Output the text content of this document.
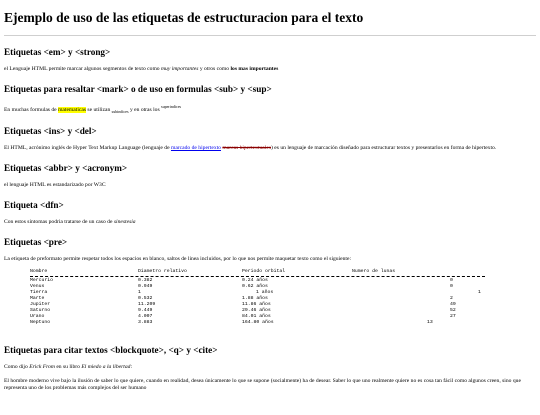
Ejemplo de uso de las etiquetas de estructuracion para el texto
Etiquetas <em> y <strong>

el Lenguaje HTML permite marcar algunos segmentos de texto como muy importantes y otros como los mas importantes

Etiquetas para resaltar <mark> o de uso en formulas <sub> y <sup>

En muchas formulas de matematicas se utilizan $_{subindices}$ y en otras los $^{superindices}$

Etiquetas <ins> y <del>

El HTML, acrónimo inglés de Hyper Text Markup Language (lenguaje de marcado de hipertexto marcas hipertextuales) es un lenguaje de marcación diseñado para estructurar textos y presentarlos en forma de hipertexto.

Etiquetas <abbr> y <acronym>

el lenguaje HTML es estandarizado por W3C

Etiqueta <dfn>

Con estos sintomas podria tratarse de un caso de sinestesia

Etiquetas <pre>

La etiqueta de preformato permite respetar todos los espacios en blanco, saltos de linea incluidos, por lo que nos permite maquetar texto como el siguiente:

Nombre	Diametro relativo	Periodo orbital	Numero de lunas
Mercurio	0.382	0.24 años	0
Venus	0.949	0.62 años	0
Tierra	1	1 años	1
Marte	0.532	1.88 años	2
Jupiter	11.209	11.86 años	49
Saturno	9.449	29.46 años	52
Urano	4.007	84.01 años	27
Neptuno	3.883	164.80 años	13
Etiquetas para citar textos <blockquote>, <q> y <cite>

Como dijo Erick From en su libro El miedo a la libertad:

El hombre moderno vive bajo la ilusión de saber lo que quiere, cuando en realidad, desea únicamente lo que se supone (socialmente) ha de desear. Saber lo que uno realmente quiere no es cosa tan fácil como algunos creen, sino que representa uno de los problemas más complejos del ser humano
